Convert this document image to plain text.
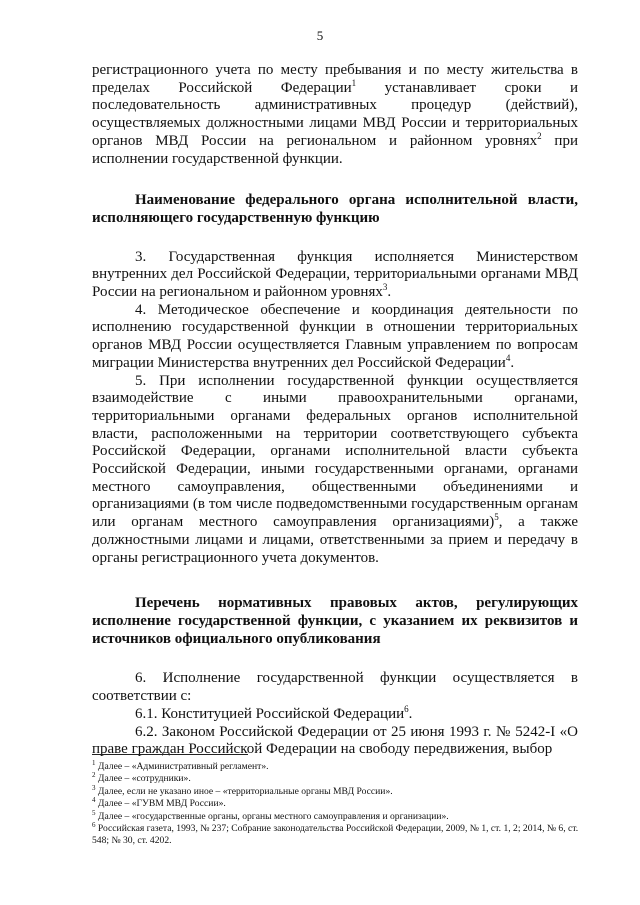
5

регистрационного учета по месту пребывания и по месту жительства в пределах Российской Федерации$^1$ устанавливает сроки и последовательность административных процедур (действий), осуществляемых должностными лицами МВД России и территориальных органов МВД России на региональном и районном уровнях$^2$ при исполнении государственной функции.

Наименование федерального органа исполнительной власти, исполняющего государственную функцию

3. Государственная функция исполняется Министерством внутренних дел Российской Федерации, территориальными органами МВД России на региональном и районном уровнях$^3$.

4. Методическое обеспечение и координация деятельности по исполнению государственной функции в отношении территориальных органов МВД России осуществляется Главным управлением по вопросам миграции Министерства внутренних дел Российской Федерации$^4$.

5. При исполнении государственной функции осуществляется взаимодействие с иными правоохранительными органами, территориальными органами федеральных органов исполнительной власти, расположенными на территории соответствующего субъекта Российской Федерации, органами исполнительной власти субъекта Российской Федерации, иными государственными органами, органами местного самоуправления, общественными объединениями и организациями (в том числе подведомственными государственным органам или органам местного самоуправления организациями)$^5$, а также должностными лицами и лицами, ответственными за прием и передачу в органы регистрационного учета документов.

Перечень нормативных правовых актов, регулирующих исполнение государственной функции, с указанием их реквизитов и источников официального опубликования

6. Исполнение государственной функции осуществляется в соответствии с:

6.1. Конституцией Российской Федерации$^6$.

6.2. Законом Российской Федерации от 25 июня 1993 г. № 5242-I «О праве граждан Российской Федерации на свободу передвижения, выбор

$^1$ Далее – «Административный регламент».

$^2$ Далее – «сотрудники».

$^3$ Далее, если не указано иное – «территориальные органы МВД России».

$^4$ Далее – «ГУВМ МВД России».

$^5$ Далее – «государственные органы, органы местного самоуправления и организации».

$^6$ Российская газета, 1993, № 237; Собрание законодательства Российской Федерации, 2009, № 1, ст. 1, 2; 2014, № 6, ст. 548; № 30, ст. 4202.
